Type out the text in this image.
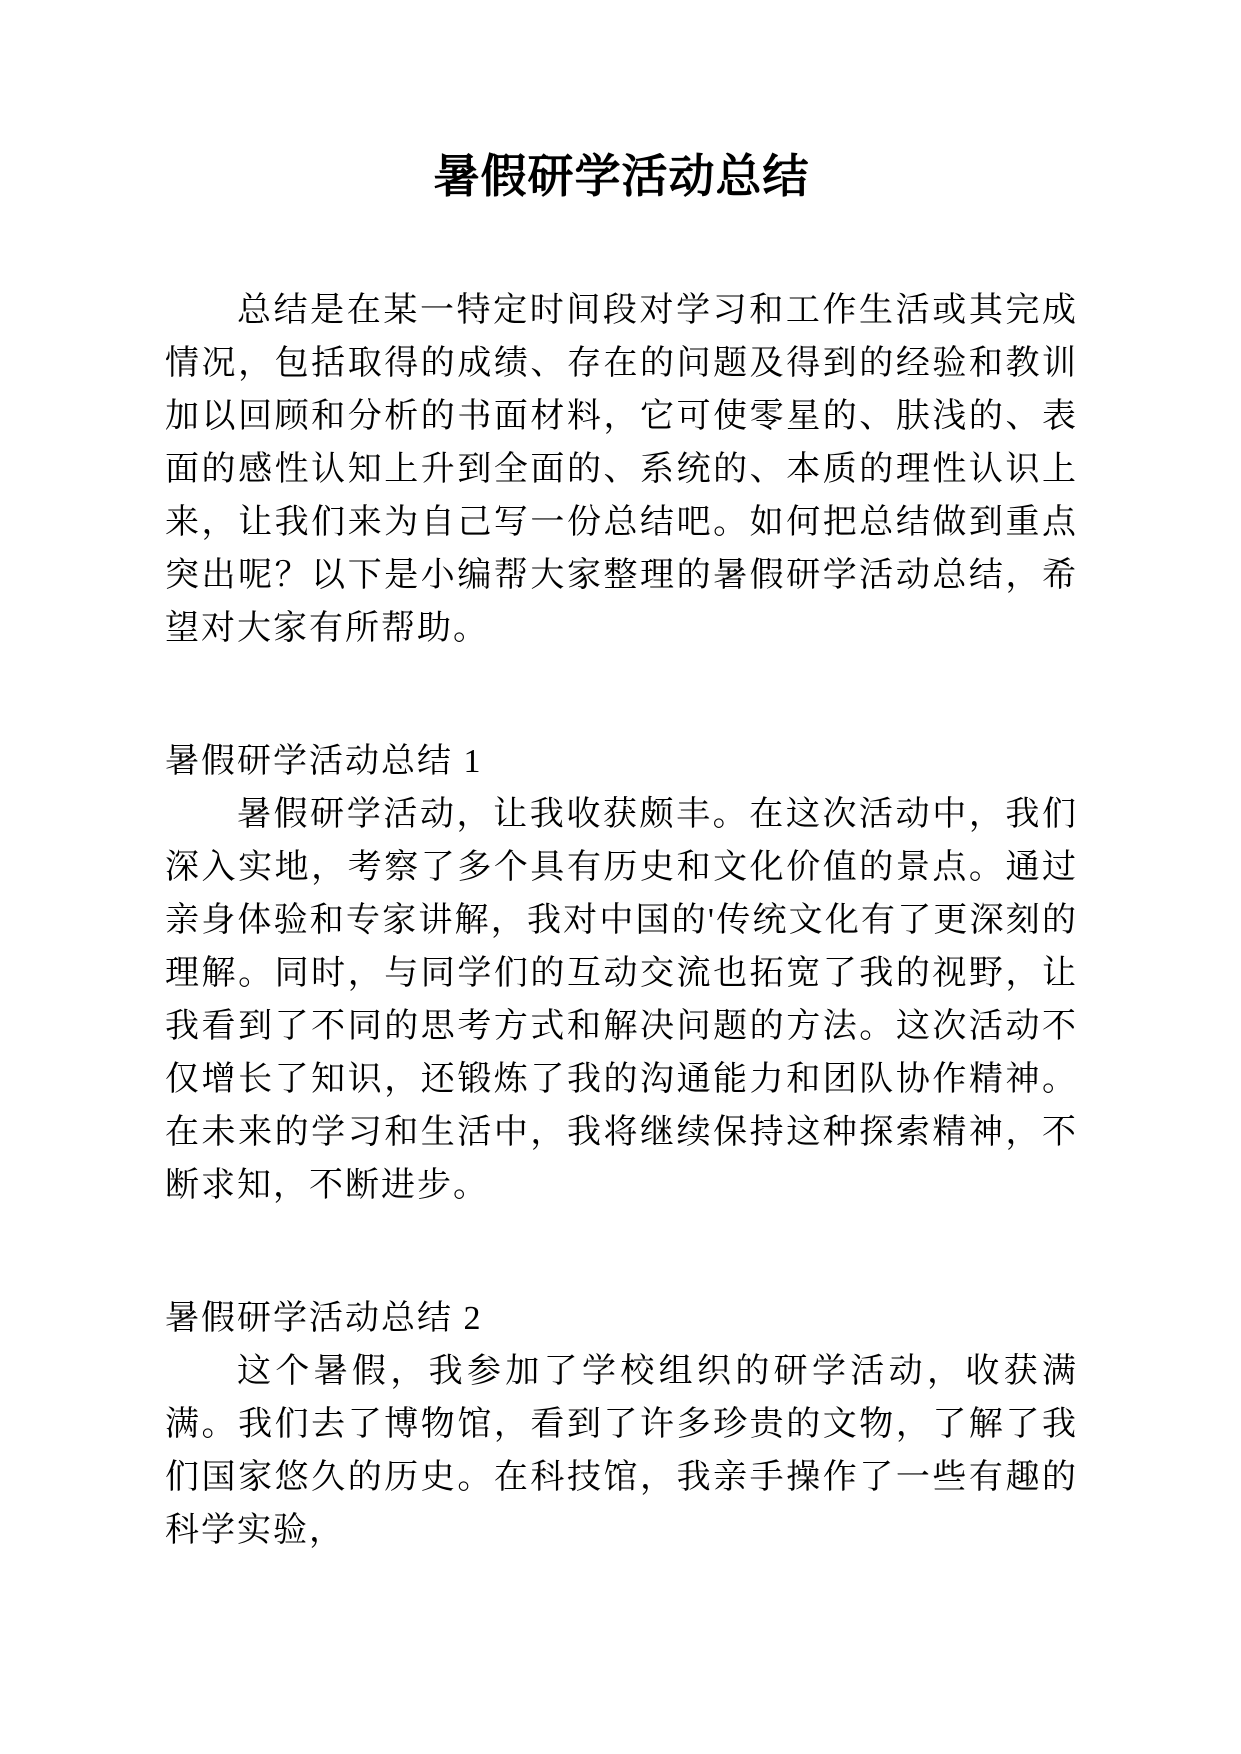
暑假研学活动总结

总结是在某一特定时间段对学习和工作生活或其完成情况，包括取得的成绩、存在的问题及得到的经验和教训加以回顾和分析的书面材料，它可使零星的、肤浅的、表面的感性认知上升到全面的、系统的、本质的理性认识上来，让我们来为自己写一份总结吧。如何把总结做到重点突出呢？以下是小编帮大家整理的暑假研学活动总结，希望对大家有所帮助。

暑假研学活动总结 1

暑假研学活动，让我收获颇丰。在这次活动中，我们深入实地，考察了多个具有历史和文化价值的景点。通过亲身体验和专家讲解，我对中国的'传统文化有了更深刻的理解。同时，与同学们的互动交流也拓宽了我的视野，让我看到了不同的思考方式和解决问题的方法。这次活动不仅增长了知识，还锻炼了我的沟通能力和团队协作精神。在未来的学习和生活中，我将继续保持这种探索精神，不断求知，不断进步。

暑假研学活动总结 2

这个暑假，我参加了学校组织的研学活动，收获满满。我们去了博物馆，看到了许多珍贵的文物，了解了我们国家悠久的历史。在科技馆，我亲手操作了一些有趣的科学实验，
